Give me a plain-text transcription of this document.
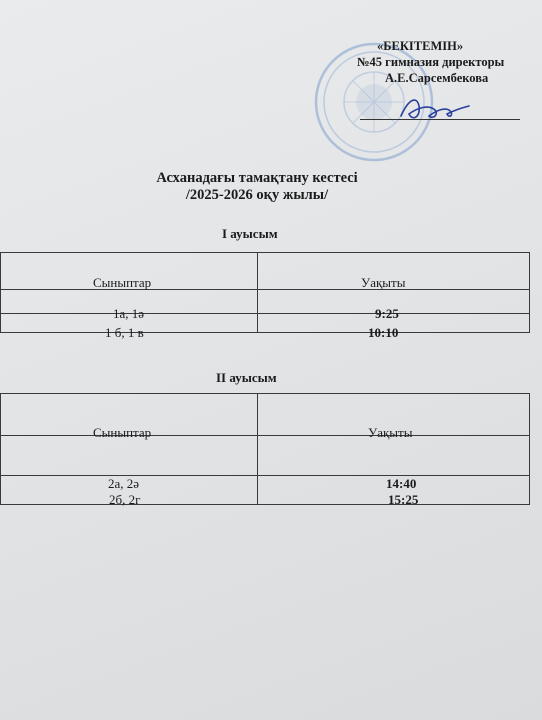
«БЕКІТЕМІН»
№45 гимназия директоры
А.Е.Сарсембекова
Асханадағы тамақтану кестесі
/2025-2026 оқу жылы/
І ауысым
Сыныптар	Уақыты

1а, 1ә	9:25

1 б, 1 в	10:10
ІІ ауысым
Сыныптар	Уақыты

2а, 2ә	14:40

2б, 2г	15:25
